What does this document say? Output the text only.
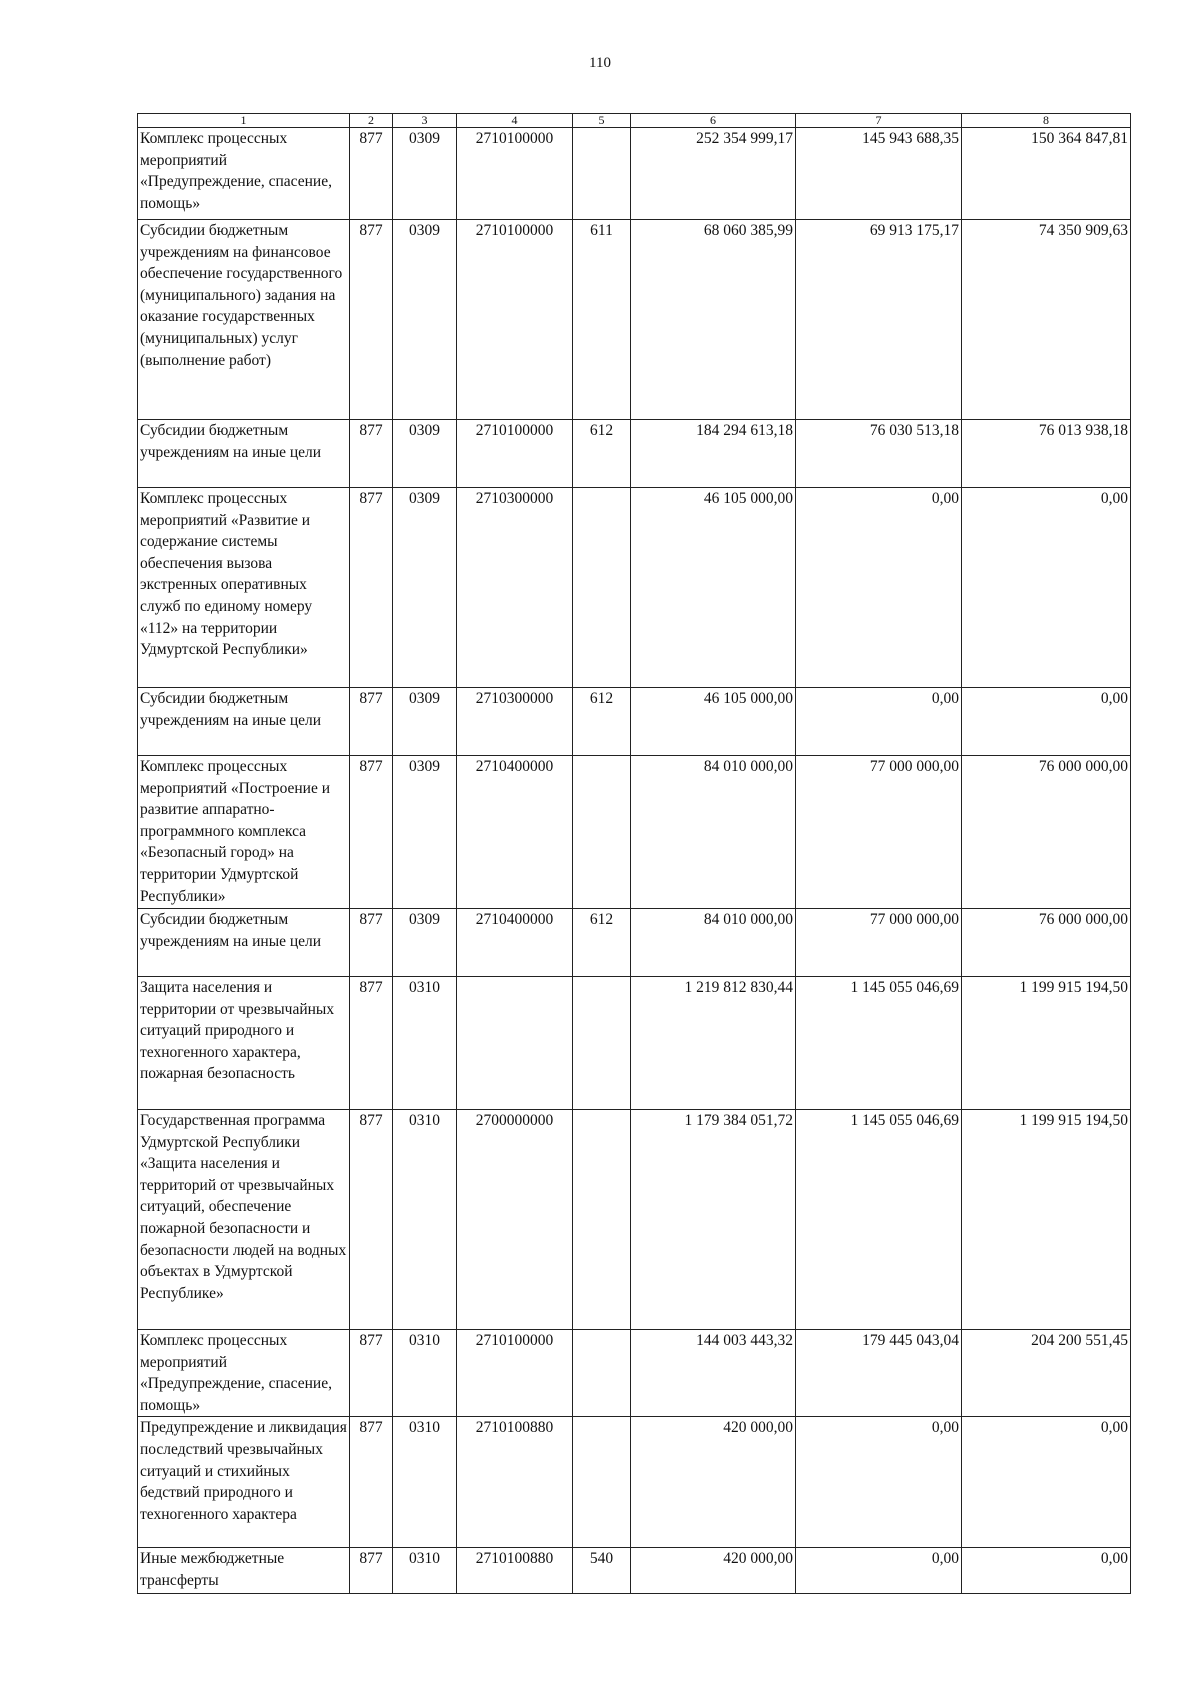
110
1	2	3	4	5	6	7	8
Комплекс процессных мероприятий «Предупреждение, спасение, помощь»	877	0309	2710100000		252 354 999,17	145 943 688,35	150 364 847,81
Субсидии бюджетным учреждениям на финансовое обеспечение государственного (муниципального) задания на оказание государственных (муниципальных) услуг (выполнение работ)	877	0309	2710100000	611	68 060 385,99	69 913 175,17	74 350 909,63
Субсидии бюджетным учреждениям на иные цели	877	0309	2710100000	612	184 294 613,18	76 030 513,18	76 013 938,18
Комплекс процессных мероприятий «Развитие и содержание системы обеспечения вызова экстренных оперативных служб по единому номеру «112» на территории Удмуртской Республики»	877	0309	2710300000		46 105 000,00	0,00	0,00
Субсидии бюджетным учреждениям на иные цели	877	0309	2710300000	612	46 105 000,00	0,00	0,00
Комплекс процессных мероприятий «Построение и развитие аппаратно-программного комплекса «Безопасный город» на территории Удмуртской Республики»	877	0309	2710400000		84 010 000,00	77 000 000,00	76 000 000,00
Субсидии бюджетным учреждениям на иные цели	877	0309	2710400000	612	84 010 000,00	77 000 000,00	76 000 000,00
Защита населения и территории от чрезвычайных ситуаций природного и техногенного характера, пожарная безопасность	877	0310			1 219 812 830,44	1 145 055 046,69	1 199 915 194,50
Государственная программа Удмуртской Республики «Защита населения и территорий от чрезвычайных ситуаций, обеспечение пожарной безопасности и безопасности людей на водных объектах в Удмуртской Республике»	877	0310	2700000000		1 179 384 051,72	1 145 055 046,69	1 199 915 194,50
Комплекс процессных мероприятий «Предупреждение, спасение, помощь»	877	0310	2710100000		144 003 443,32	179 445 043,04	204 200 551,45
Предупреждение и ликвидация последствий чрезвычайных ситуаций и стихийных бедствий природного и техногенного характера	877	0310	2710100880		420 000,00	0,00	0,00
Иные межбюджетные трансферты	877	0310	2710100880	540	420 000,00	0,00	0,00
